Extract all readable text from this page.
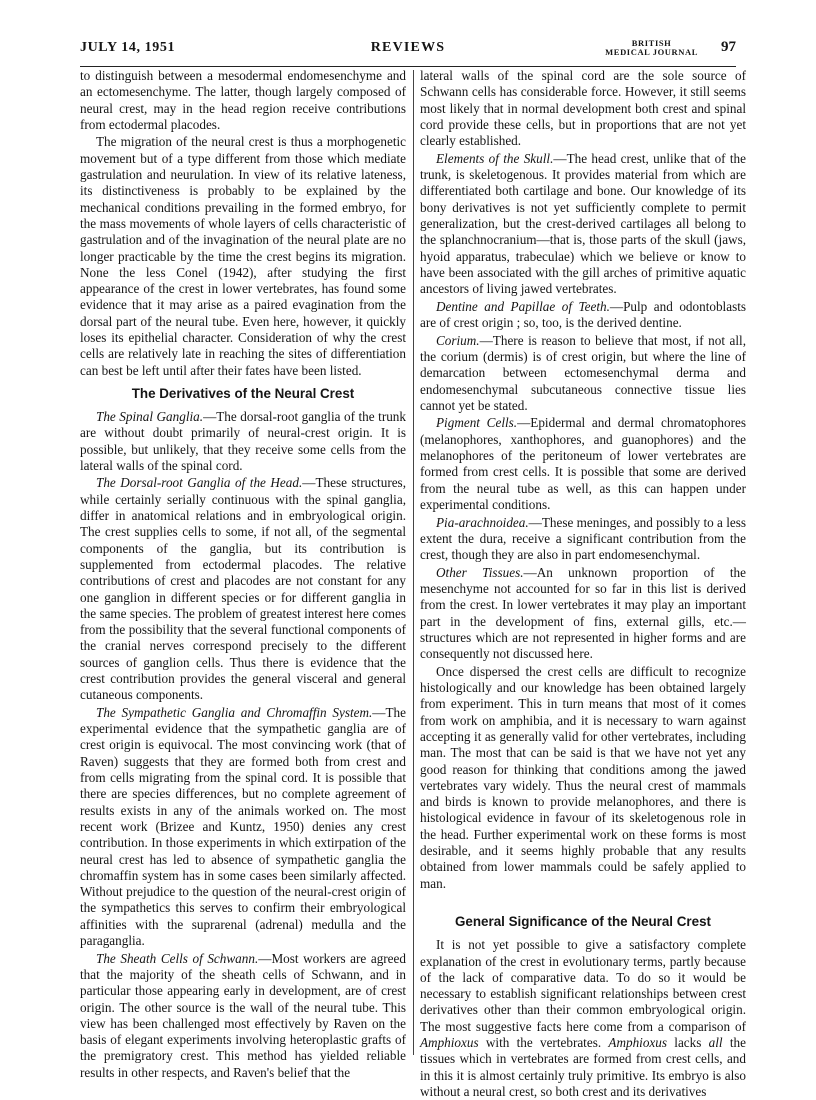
JULY 14, 1951	REVIEWS	BRITISH
MEDICAL JOURNAL 97

to distinguish between a mesodermal endomesenchyme and an ectomesenchyme. The latter, though largely composed of neural crest, may in the head region receive contributions from ectodermal placodes.

The migration of the neural crest is thus a morphogenetic movement but of a type different from those which mediate gastrulation and neurulation. In view of its relative lateness, its distinctiveness is probably to be explained by the mechanical conditions prevailing in the formed embryo, for the mass movements of whole layers of cells characteristic of gastrulation and of the invagination of the neural plate are no longer practicable by the time the crest begins its migration. None the less Conel (1942), after studying the first appearance of the crest in lower vertebrates, has found some evidence that it may arise as a paired evagination from the dorsal part of the neural tube. Even here, however, it quickly loses its epithelial character. Consideration of why the crest cells are relatively late in reaching the sites of differentiation can best be left until after their fates have been listed.

The Derivatives of the Neural Crest

The Spinal Ganglia.—The dorsal-root ganglia of the trunk are without doubt primarily of neural-crest origin. It is possible, but unlikely, that they receive some cells from the lateral walls of the spinal cord.

The Dorsal-root Ganglia of the Head.—These structures, while certainly serially continuous with the spinal ganglia, differ in anatomical relations and in embryological origin. The crest supplies cells to some, if not all, of the segmental components of the ganglia, but its contribution is supplemented from ectodermal placodes. The relative contributions of crest and placodes are not constant for any one ganglion in different species or for different ganglia in the same species. The problem of greatest interest here comes from the possibility that the several functional components of the cranial nerves correspond precisely to the different sources of ganglion cells. Thus there is evidence that the crest contribution provides the general visceral and general cutaneous components.

The Sympathetic Ganglia and Chromaffin System.—The experimental evidence that the sympathetic ganglia are of crest origin is equivocal. The most convincing work (that of Raven) suggests that they are formed both from crest and from cells migrating from the spinal cord. It is possible that there are species differences, but no complete agreement of results exists in any of the animals worked on. The most recent work (Brizee and Kuntz, 1950) denies any crest contribution. In those experiments in which extirpation of the neural crest has led to absence of sympathetic ganglia the chromaffin system has in some cases been similarly affected. Without prejudice to the question of the neural-crest origin of the sympathetics this serves to confirm their embryological affinities with the suprarenal (adrenal) medulla and the paraganglia.

The Sheath Cells of Schwann.—Most workers are agreed that the majority of the sheath cells of Schwann, and in particular those appearing early in development, are of crest origin. The other source is the wall of the neural tube. This view has been challenged most effectively by Raven on the basis of elegant experiments involving heteroplastic grafts of the premigratory crest. This method has yielded reliable results in other respects, and Raven's belief that the

lateral walls of the spinal cord are the sole source of Schwann cells has considerable force. However, it still seems most likely that in normal development both crest and spinal cord provide these cells, but in proportions that are not yet clearly established.

Elements of the Skull.—The head crest, unlike that of the trunk, is skeletogenous. It provides material from which are differentiated both cartilage and bone. Our knowledge of its bony derivatives is not yet sufficiently complete to permit generalization, but the crest-derived cartilages all belong to the splanchnocranium—that is, those parts of the skull (jaws, hyoid apparatus, trabeculae) which we believe or know to have been associated with the gill arches of primitive aquatic ancestors of living jawed vertebrates.

Dentine and Papillae of Teeth.—Pulp and odontoblasts are of crest origin ; so, too, is the derived dentine.

Corium.—There is reason to believe that most, if not all, the corium (dermis) is of crest origin, but where the line of demarcation between ectomesenchymal derma and endomesenchymal subcutaneous connective tissue lies cannot yet be stated.

Pigment Cells.—Epidermal and dermal chromatophores (melanophores, xanthophores, and guanophores) and the melanophores of the peritoneum of lower vertebrates are formed from crest cells. It is possible that some are derived from the neural tube as well, as this can happen under experimental conditions.

Pia-arachnoidea.—These meninges, and possibly to a less extent the dura, receive a significant contribution from the crest, though they are also in part endomesenchymal.

Other Tissues.—An unknown proportion of the mesenchyme not accounted for so far in this list is derived from the crest. In lower vertebrates it may play an important part in the development of fins, external gills, etc.—structures which are not represented in higher forms and are consequently not discussed here.

Once dispersed the crest cells are difficult to recognize histologically and our knowledge has been obtained largely from experiment. This in turn means that most of it comes from work on amphibia, and it is necessary to warn against accepting it as generally valid for other vertebrates, including man. The most that can be said is that we have not yet any good reason for thinking that conditions among the jawed vertebrates vary widely. Thus the neural crest of mammals and birds is known to provide melanophores, and there is histological evidence in favour of its skeletogenous role in the head. Further experimental work on these forms is most desirable, and it seems highly probable that any results obtained from lower mammals could be safely applied to man.

General Significance of the Neural Crest

It is not yet possible to give a satisfactory complete explanation of the crest in evolutionary terms, partly because of the lack of comparative data. To do so it would be necessary to establish significant relationships between crest derivatives other than their common embryological origin. The most suggestive facts here come from a comparison of Amphioxus with the vertebrates. Amphioxus lacks all the tissues which in vertebrates are formed from crest cells, and in this it is almost certainly truly primitive. Its embryo is also without a neural crest, so both crest and its derivatives
